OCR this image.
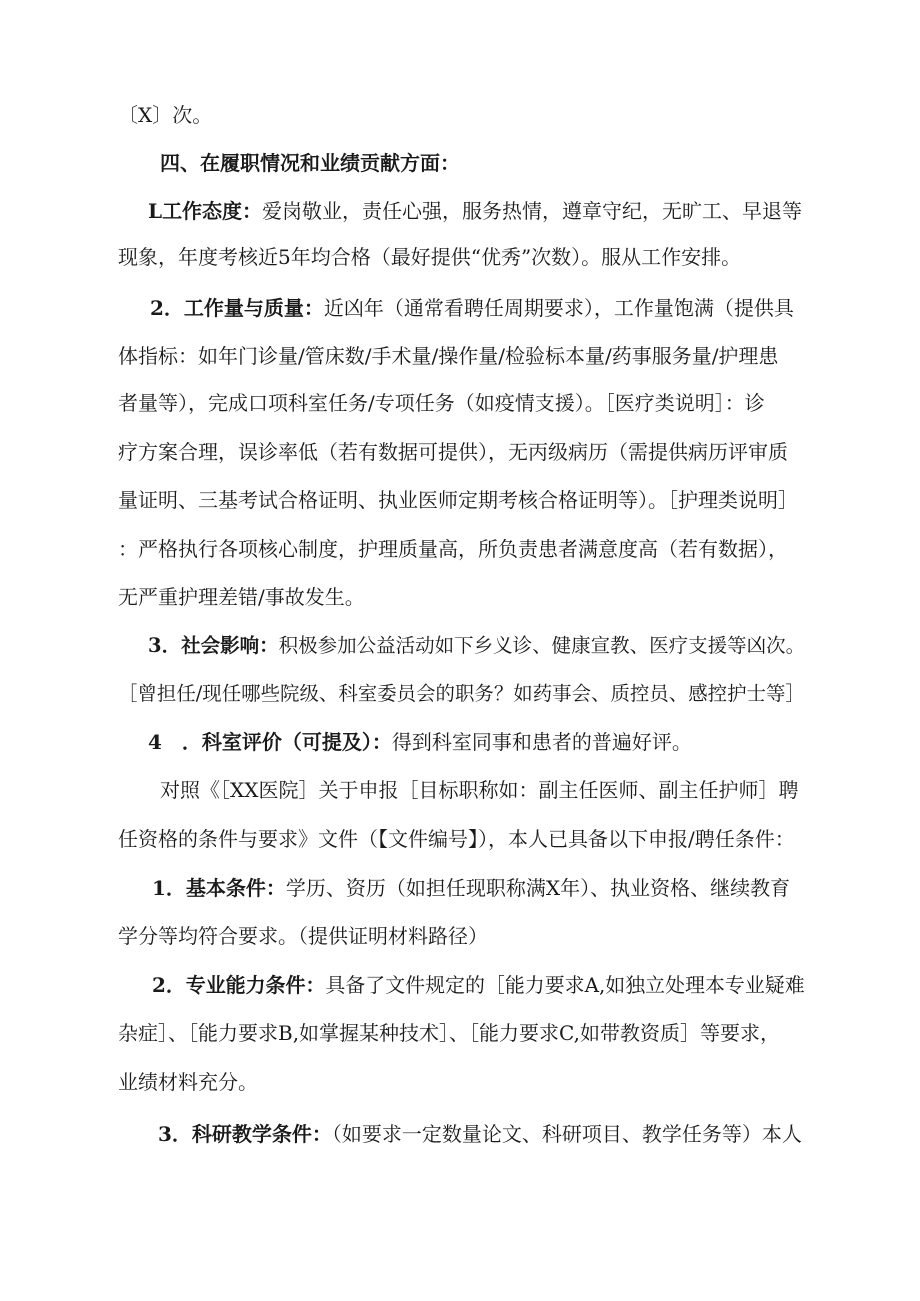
〔X〕次。
四、在履职情况和业绩贡献方面：
L工作态度：爱岗敬业，责任心强，服务热情，遵章守纪，无旷工、早退等
现象，年度考核近5年均合格（最好提供“优秀”次数）。服从工作安排。
2．工作量与质量：近凶年（通常看聘任周期要求），工作量饱满（提供具
体指标：如年门诊量/管床数/手术量/操作量/检验标本量/药事服务量/护理患
者量等），完成口项科室任务/专项任务（如疫情支援）。［医疗类说明］：诊
疗方案合理，误诊率低（若有数据可提供），无丙级病历（需提供病历评审质
量证明、三基考试合格证明、执业医师定期考核合格证明等）。［护理类说明］
：严格执行各项核心制度，护理质量高，所负责患者满意度高（若有数据），
无严重护理差错/事故发生。
3．社会影响：积极参加公益活动如下乡义诊、健康宣教、医疗支援等凶次。
［曾担任/现任哪些院级、科室委员会的职务？如药事会、质控员、感控护士等］
4　．科室评价（可提及）：得到科室同事和患者的普遍好评。
对照《［XX医院］关于申报［目标职称如：副主任医师、副主任护师］聘
任资格的条件与要求》文件（【文件编号】），本人已具备以下申报/聘任条件：
1．基本条件：学历、资历（如担任现职称满X年）、执业资格、继续教育
学分等均符合要求。（提供证明材料路径）
2．专业能力条件：具备了文件规定的［能力要求A,如独立处理本专业疑难
杂症］、［能力要求B,如掌握某种技术］、［能力要求C,如带教资质］等要求，
业绩材料充分。
3．科研教学条件：（如要求一定数量论文、科研项目、教学任务等）本人
